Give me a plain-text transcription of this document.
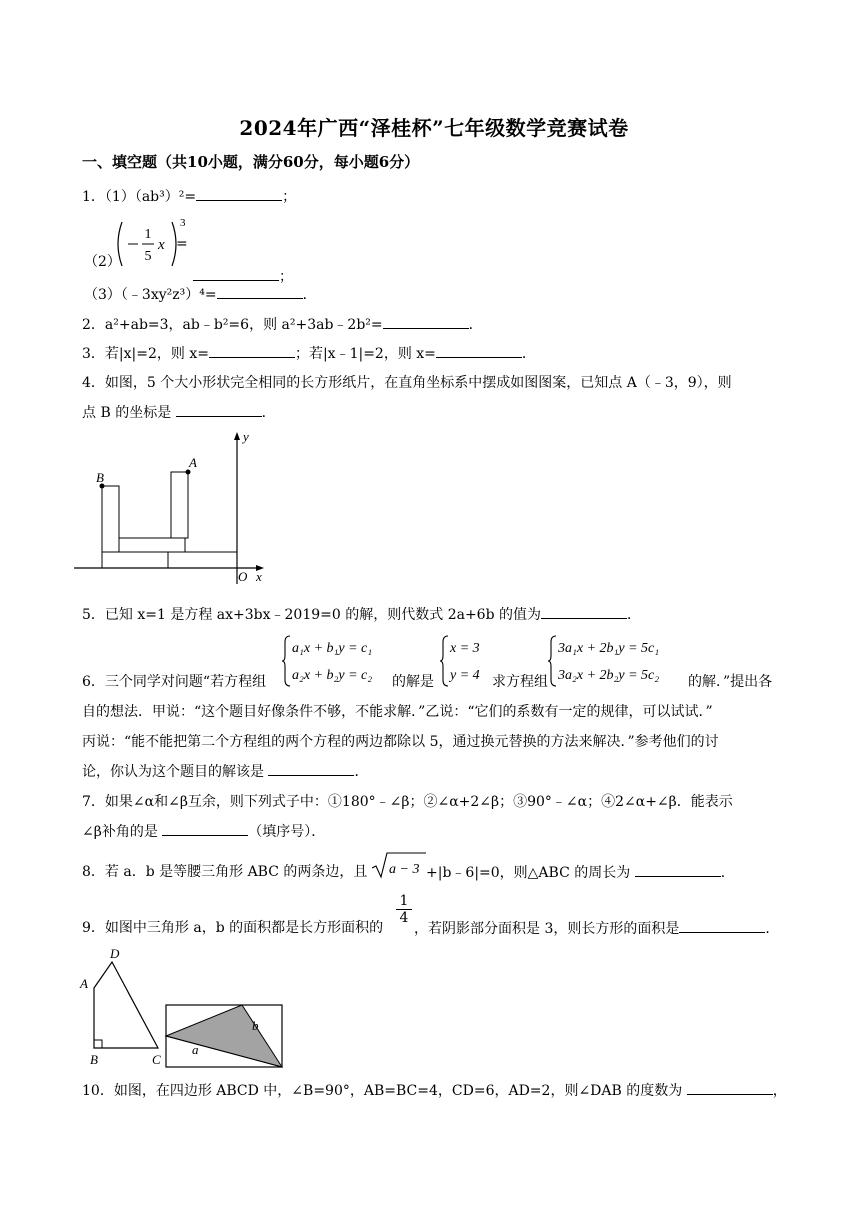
2024年广西“泽桂杯”七年级数学竞赛试卷
一、填空题（共10小题，满分60分，每小题6分）
1．（1）（ab³）²=	；
（2）
1
5
x
3
=
；
（3）（﹣3xy²z³）⁴=	．
2．a²+ab=3，ab﹣b²=6，则 a²+3ab﹣2b²=	．
3．若|x|=2，则 x=	；若|x﹣1|=2，则 x=	．
4．如图，5 个大小形状完全相同的长方形纸片，在直角坐标系中摆成如图图案，已知点 A（﹣3，9），则
点 B 的坐标是	．
y
x
O
B
A
5．已知 x=1 是方程 ax+3bx﹣2019=0 的解，则代数式 2a+6b 的值为	．
6．三个同学对问题“若方程组
a₁x + b₁y = c₁
a₂x + b₂y = c₂ 的解是
x = 3
y = 4 求方程组
3a₁x + 2b₁y = 5c₁
3a₂x + 2b₂y = 5c₂ 的解．”提出各
自的想法．甲说：“这个题目好像条件不够，不能求解．”乙说：“它们的系数有一定的规律，可以试试．”
丙说：“能不能把第二个方程组的两个方程的两边都除以 5，通过换元替换的方法来解决．”参考他们的讨
论，你认为这个题目的解该是	．
7．如果∠α和∠β互余，则下列式子中：①180°﹣∠β；②∠α+2∠β；③90°﹣∠α；④2∠α+∠β．能表示
∠β补角的是	（填序号）．
8．若 a．b 是等腰三角形 ABC 的两条边，且 a − 3 +|b﹣6|=0，则△ABC 的周长为	．
9．如图中三角形 a，b 的面积都是长方形面积的
$\frac{1}{4}$
，若阴影部分面积是 3，则长方形的面积是	．
A
D
B	C
b
a
10．如图，在四边形 ABCD 中，∠B=90°，AB=BC=4，CD=6，AD=2，则∠DAB 的度数为	，
